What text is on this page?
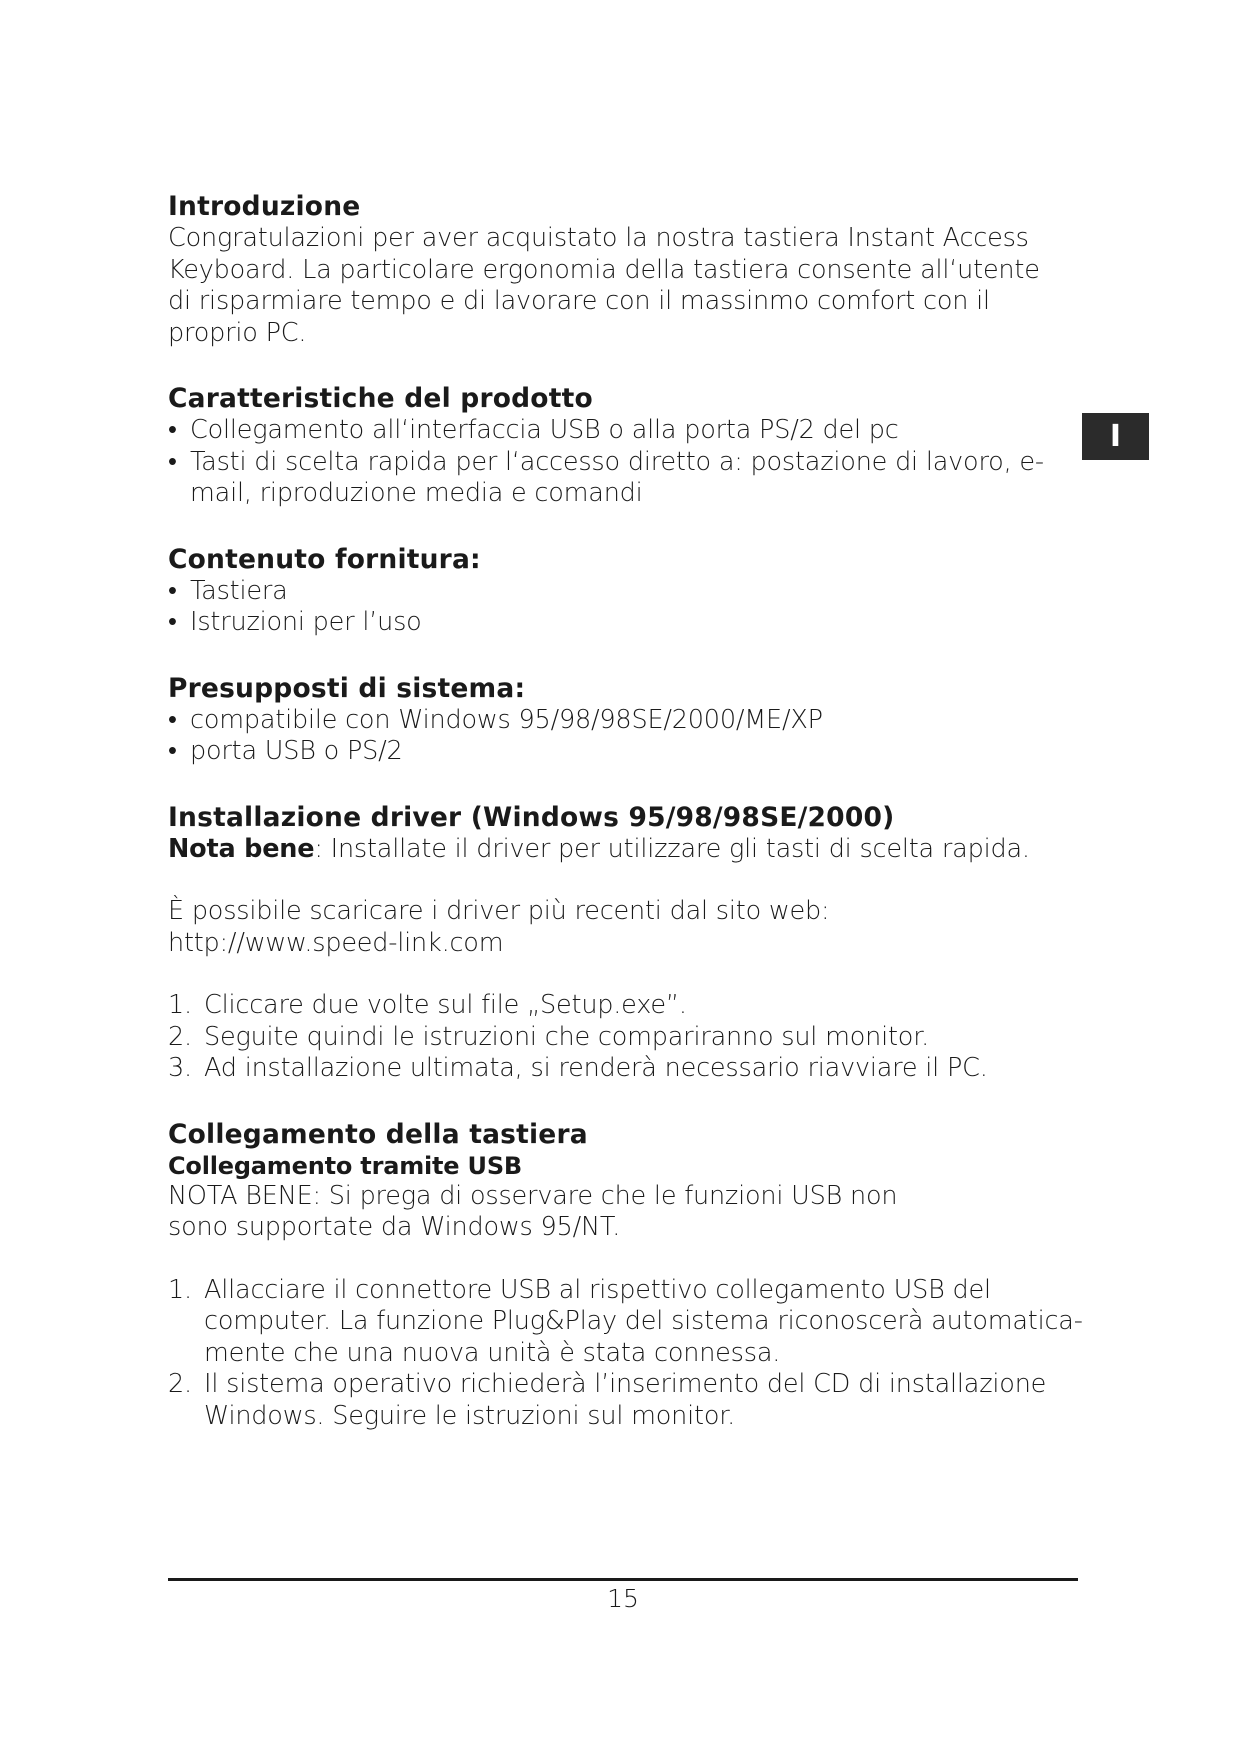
I
Introduzione

Congratulazioni per aver acquistato la nostra tastiera Instant Access Keyboard. La particolare ergonomia della tastiera consente all‘utente di risparmiare tempo e di lavorare con il massinmo comfort con il proprio PC.

Caratteristiche del prodotto
• Collegamento all‘interfaccia USB o alla porta PS/2 del pc
• Tasti di scelta rapida per l‘accesso diretto a: postazione di lavoro, e-mail, riproduzione media e comandi
Contenuto fornitura:
• Tastiera
• Istruzioni per l’uso
Presupposti di sistema:
• compatibile con Windows 95/98/98SE/2000/ME/XP
• porta USB o PS/2
Installazione driver (Windows 95/98/98SE/2000)

Nota bene: Installate il driver per utilizzare gli tasti di scelta rapida.

È possibile scaricare i driver più recenti dal sito web:

http://www.speed-link.com

1. Cliccare due volte sul file „Setup.exe”.
2. Seguite quindi le istruzioni che compariranno sul monitor.
3. Ad installazione ultimata, si renderà necessario riavviare il PC.
Collegamento della tastiera
Collegamento tramite USB

NOTA BENE: Si prega di osservare che le funzioni USB non sono supportate da Windows 95/NT.

1. Allacciare il connettore USB al rispettivo collegamento USB del computer. La funzione Plug&Play del sistema riconoscerà automatica-mente che una nuova unità è stata connessa.
2. Il sistema operativo richiederà l’inserimento del CD di installazione Windows. Seguire le istruzioni sul monitor.
15
